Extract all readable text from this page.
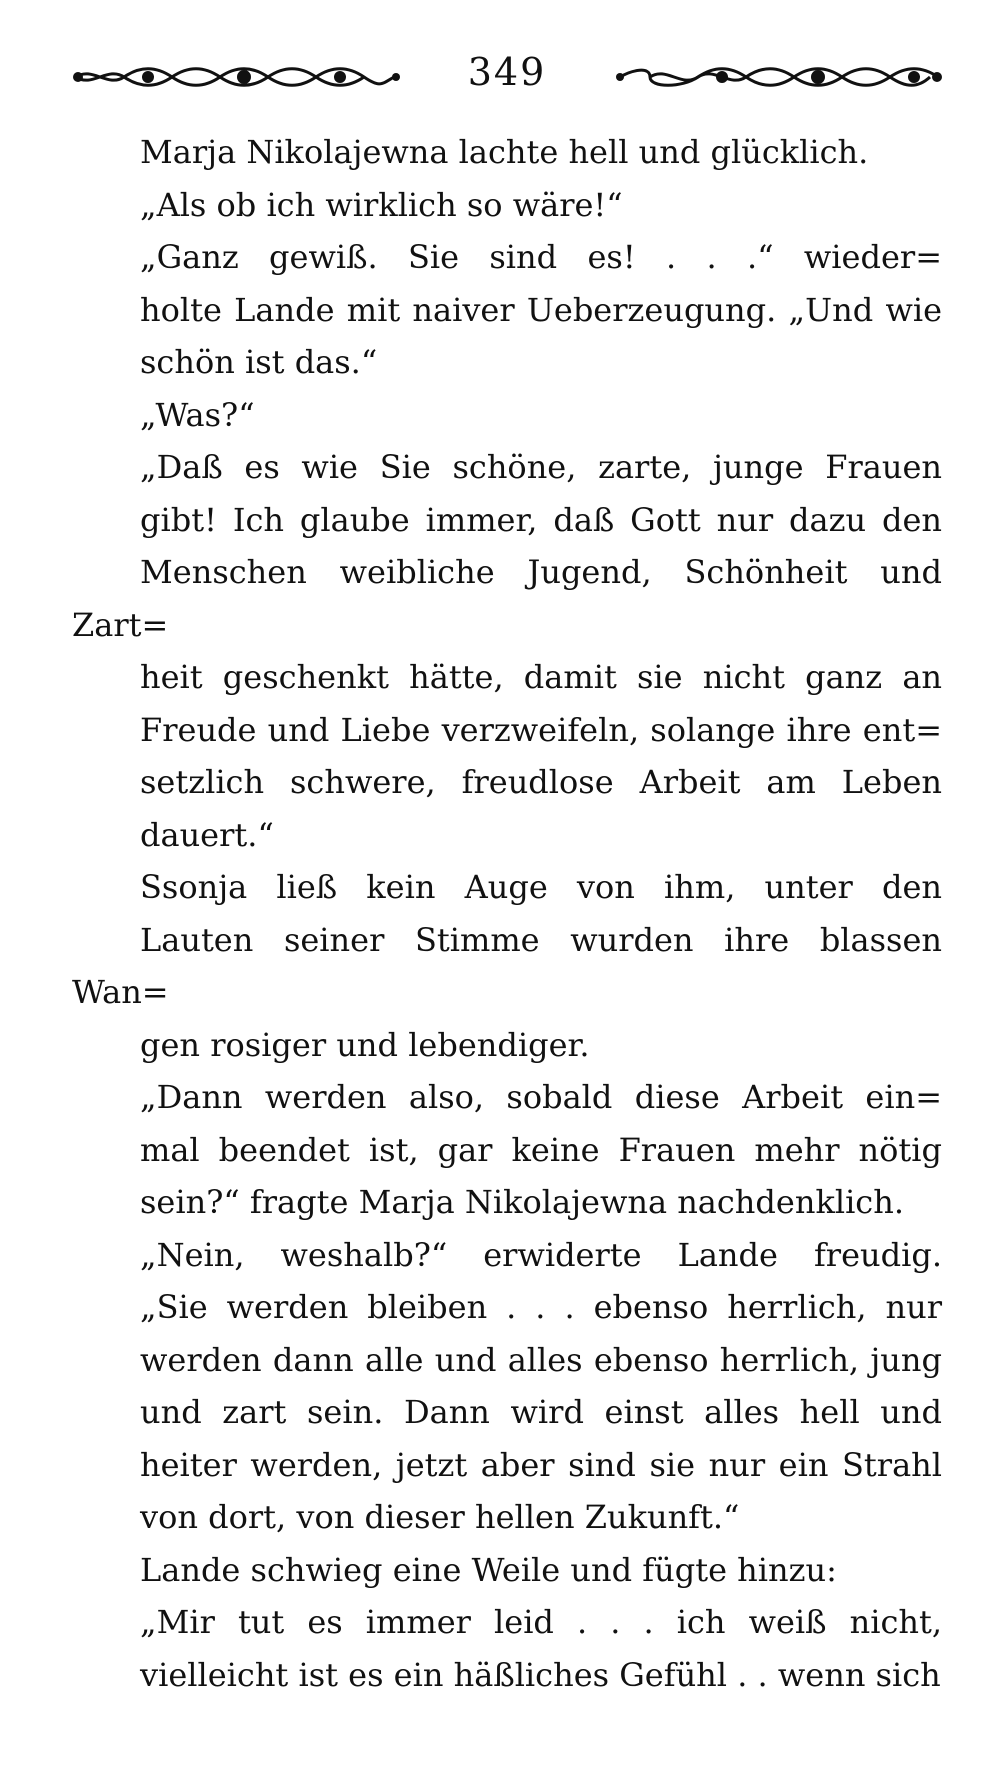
349

Marja Nikolajewna lachte hell und glücklich.

„Als ob ich wirklich so wäre!“

„Ganz gewiß. Sie sind es! . . .“ wieder=
holte Lande mit naiver Ueberzeugung. „Und wie
schön ist das.“

„Was?“

„Daß es wie Sie schöne, zarte, junge Frauen
gibt! Ich glaube immer, daß Gott nur dazu den
Menschen weibliche Jugend, Schönheit und Zart=
heit geschenkt hätte, damit sie nicht ganz an
Freude und Liebe verzweifeln, solange ihre ent=
setzlich schwere, freudlose Arbeit am Leben
dauert.“

Ssonja ließ kein Auge von ihm, unter den
Lauten seiner Stimme wurden ihre blassen Wan=
gen rosiger und lebendiger.

„Dann werden also, sobald diese Arbeit ein=
mal beendet ist, gar keine Frauen mehr nötig
sein?“ fragte Marja Nikolajewna nachdenklich.

„Nein, weshalb?“ erwiderte Lande freudig.
„Sie werden bleiben . . . ebenso herrlich, nur
werden dann alle und alles ebenso herrlich, jung
und zart sein. Dann wird einst alles hell und
heiter werden, jetzt aber sind sie nur ein Strahl
von dort, von dieser hellen Zukunft.“

Lande schwieg eine Weile und fügte hinzu:

„Mir tut es immer leid . . . ich weiß nicht,
vielleicht ist es ein häßliches Gefühl . . wenn sich
